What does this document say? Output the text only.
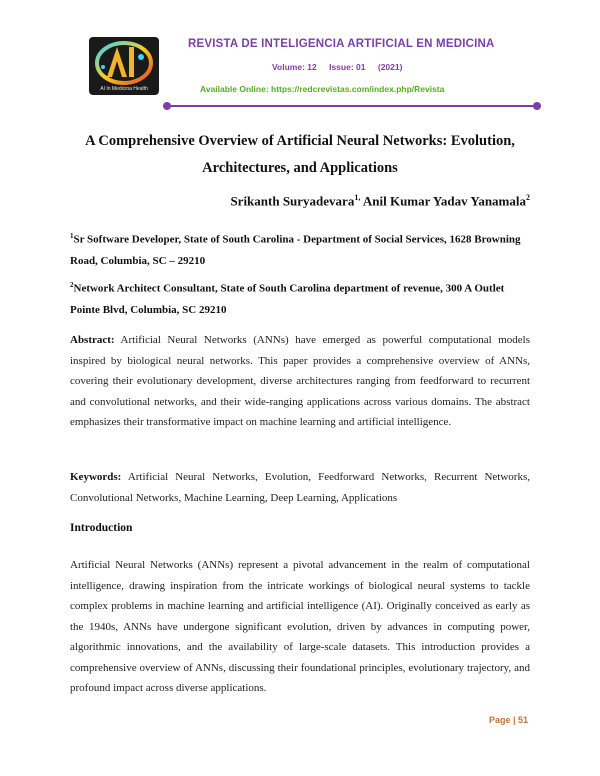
AI In Medicina Health
REVISTA DE INTELIGENCIA ARTIFICIAL EN MEDICINA
Volume: 12 Issue: 01 (2021)
Available Online: https://redcrevistas.com/index.php/Revista
A Comprehensive Overview of Artificial Neural Networks: Evolution, Architectures, and Applications
Srikanth Suryadevara$^{1,}$ Anil Kumar Yadav Yanamala$^2$
$^1$Sr Software Developer, State of South Carolina - Department of Social Services, 1628 Browning Road, Columbia, SC – 29210
$^2$Network Architect Consultant, State of South Carolina department of revenue, 300 A Outlet Pointe Blvd, Columbia, SC 29210
Abstract: Artificial Neural Networks (ANNs) have emerged as powerful computational models inspired by biological neural networks. This paper provides a comprehensive overview of ANNs, covering their evolutionary development, diverse architectures ranging from feedforward to recurrent and convolutional networks, and their wide-ranging applications across various domains. The abstract emphasizes their transformative impact on machine learning and artificial intelligence.
Keywords: Artificial Neural Networks, Evolution, Feedforward Networks, Recurrent Networks, Convolutional Networks, Machine Learning, Deep Learning, Applications
Introduction
Artificial Neural Networks (ANNs) represent a pivotal advancement in the realm of computational intelligence, drawing inspiration from the intricate workings of biological neural systems to tackle complex problems in machine learning and artificial intelligence (AI). Originally conceived as early as the 1940s, ANNs have undergone significant evolution, driven by advances in computing power, algorithmic innovations, and the availability of large-scale datasets. This introduction provides a comprehensive overview of ANNs, discussing their foundational principles, evolutionary trajectory, and profound impact across diverse applications.
Page | 51
